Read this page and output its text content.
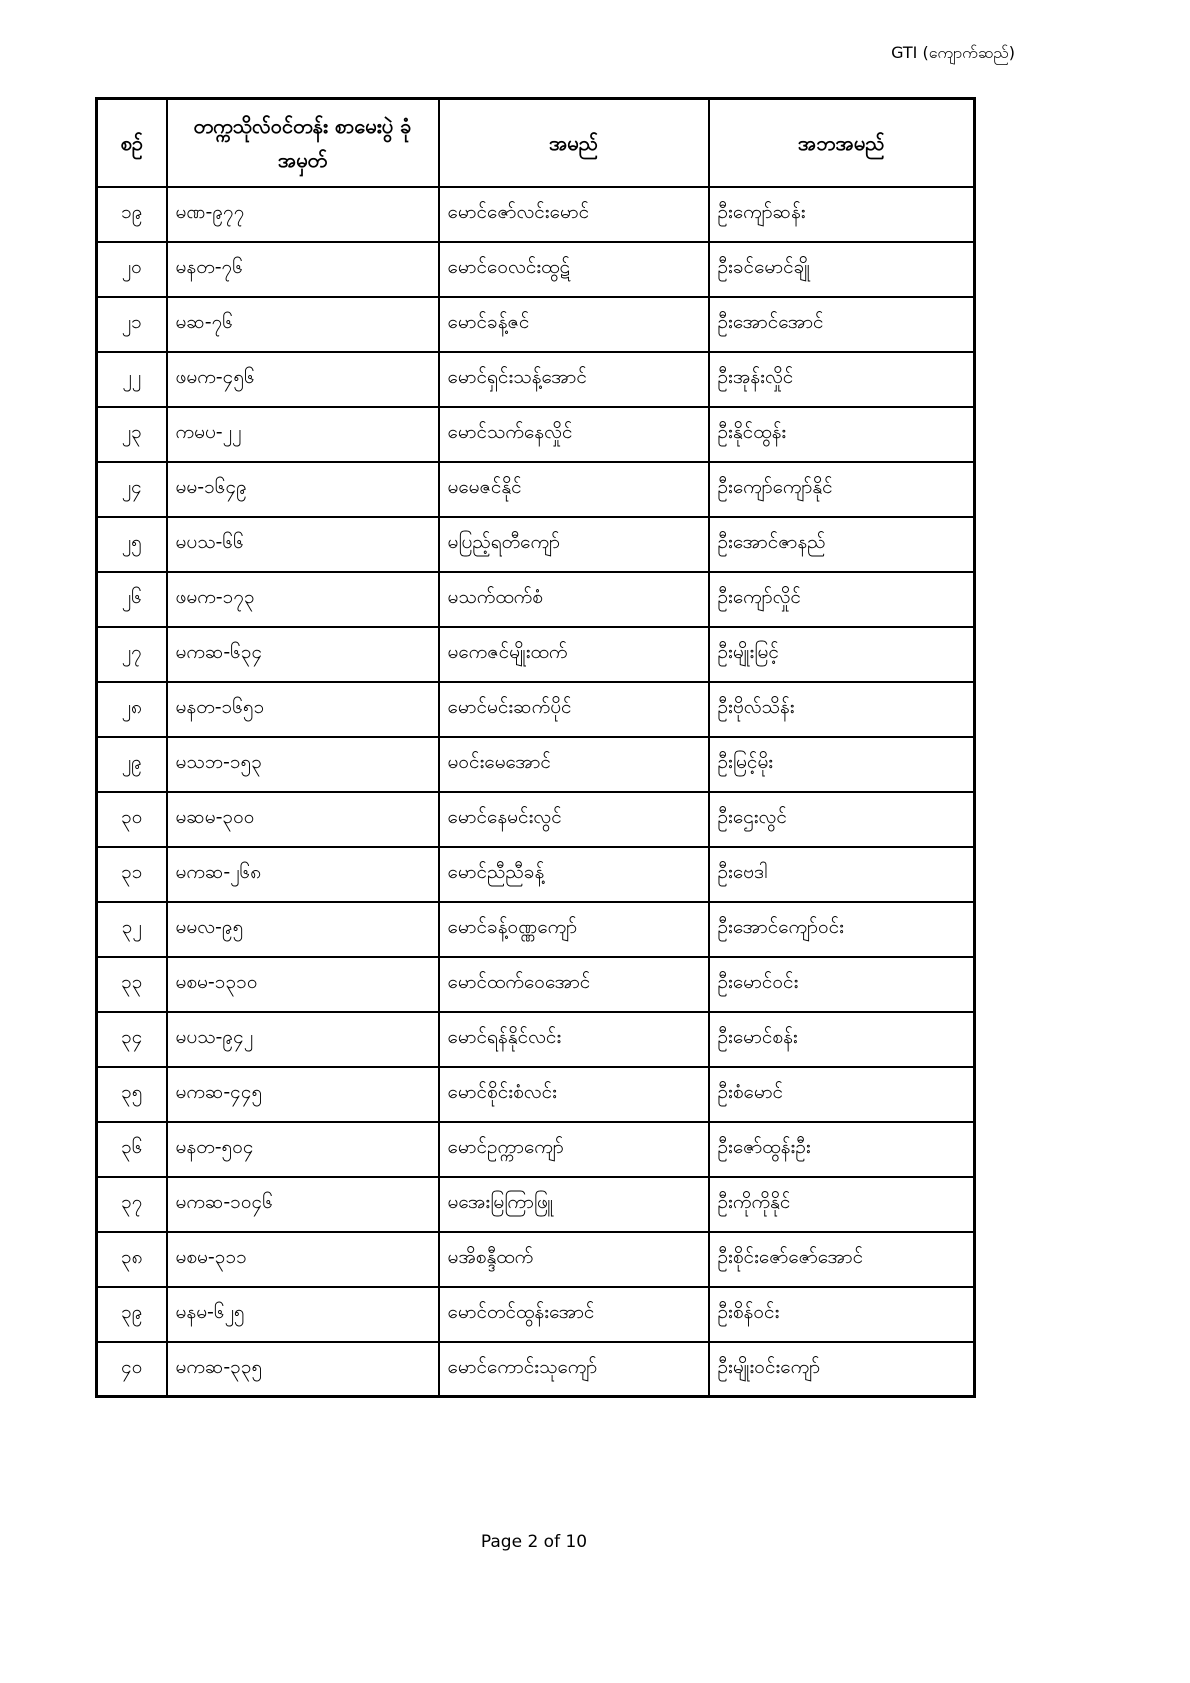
GTI (ကျောက်ဆည်)
စဉ်	တက္ကသိုလ်ဝင်တန်း စာမေးပွဲ ခုံအမှတ်	အမည်	အဘအမည်
၁၉	မဏ-၉၇၇	မောင်ဇော်လင်းမောင်	ဦးကျော်ဆန်း
၂၀	မနတ-၇၆	မောင်ဝေလင်းထွဋ်	ဦးခင်မောင်ချို
၂၁	မဆ-၇၆	မောင်ခန့်ဇင်	ဦးအောင်အောင်
၂၂	ဖမက-၄၅၆	မောင်ရှင်းသန့်အောင်	ဦးအုန်းလှိုင်
၂၃	ကမပ-၂၂	မောင်သက်နေလှိုင်	ဦးနိုင်ထွန်း
၂၄	မမ-၁၆၄၉	မမေဇင်နိုင်	ဦးကျော်ကျော်နိုင်
၂၅	မပသ-၆၆	မပြည့်ရတီကျော်	ဦးအောင်ဇာနည်
၂၆	ဖမက-၁၇၃	မသက်ထက်စံ	ဦးကျော်လှိုင်
၂၇	မကဆ-၆၃၄	မကေဇင်မျိုးထက်	ဦးမျိုးမြင့်
၂၈	မနတ-၁၆၅၁	မောင်မင်းဆက်ပိုင်	ဦးဗိုလ်သိန်း
၂၉	မသဘ-၁၅၃	မဝင်းမေအောင်	ဦးမြင့်မိုး
၃၀	မဆမ-၃၀၀	မောင်နေမင်းလွင်	ဦးဌေးလွင်
၃၁	မကဆ-၂၆၈	မောင်ညီညီခန့်	ဦးဗေဒါ
၃၂	မမလ-၉၅	မောင်ခန့်ဝဏ္ဏကျော်	ဦးအောင်ကျော်ဝင်း
၃၃	မစမ-၁၃၁၀	မောင်ထက်ဝေအောင်	ဦးမောင်ဝင်း
၃၄	မပသ-၉၄၂	မောင်ရန်နိုင်လင်း	ဦးမောင်စန်း
၃၅	မကဆ-၄၄၅	မောင်စိုင်းစံလင်း	ဦးစံမောင်
၃၆	မနတ-၅၀၄	မောင်ဥက္ကာကျော်	ဦးဇော်ထွန်းဦး
၃၇	မကဆ-၁၀၄၆	မအေးမြကြာဖြူ	ဦးကိုကိုနိုင်
၃၈	မစမ-၃၁၁	မအိစန္ဒီထက်	ဦးစိုင်းဇော်ဇော်အောင်
၃၉	မနမ-၆၂၅	မောင်တင်ထွန်းအောင်	ဦးစိန်ဝင်း
၄၀	မကဆ-၃၃၅	မောင်ကောင်းသုကျော်	ဦးမျိုးဝင်းကျော်
Page 2 of 10
